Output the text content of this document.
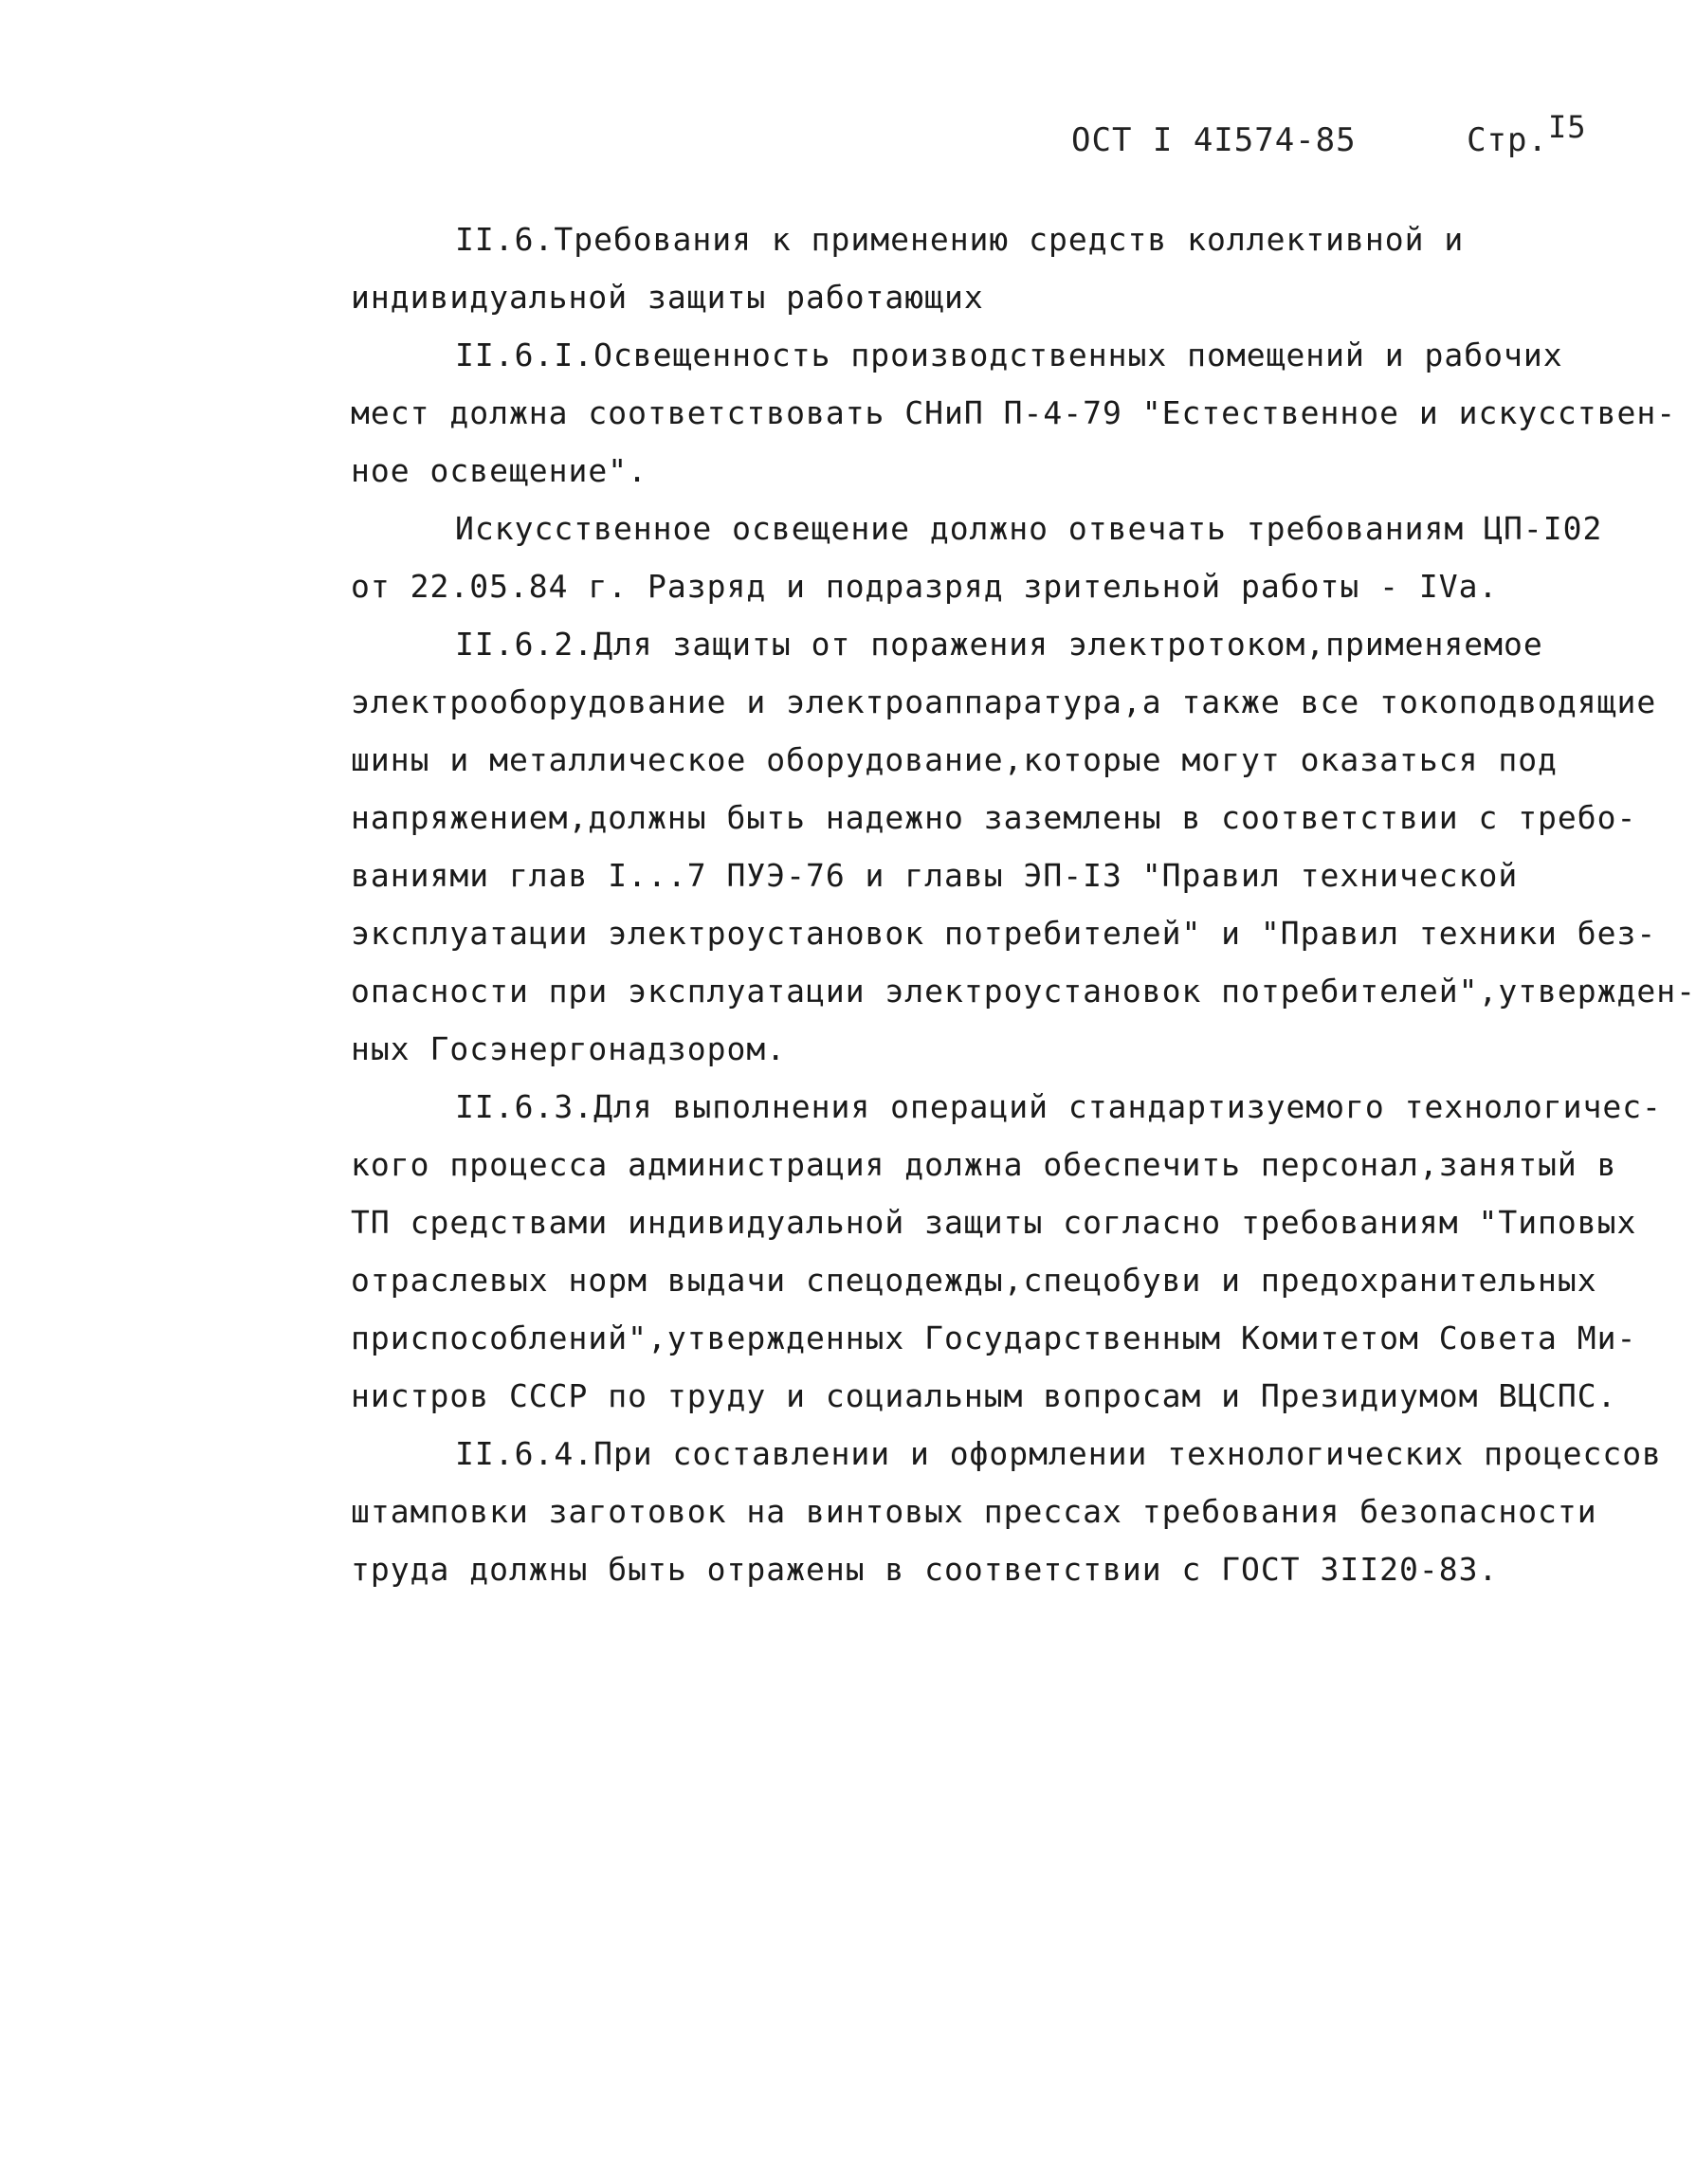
ОСТ I 4I574-85	Стр.I5
II.6.Требования к применению средств коллективной и
индивидуальной защиты работающих
II.6.I.Освещенность производственных помещений и рабочих
мест должна соответствовать СНиП П-4-79 "Естественное и искусствен-
ное освещение".
Искусственное освещение должно отвечать требованиям ЦП-I02
от 22.05.84 г. Разряд и подразряд зрительной работы - IVа.
II.6.2.Для защиты от поражения электротоком,применяемое
электрооборудование и электроаппаратура,а также все токоподводящие
шины и металлическое оборудование,которые могут оказаться под
напряжением,должны быть надежно заземлены в соответствии с требо-
ваниями глав I...7 ПУЭ-76 и главы ЭП-I3 "Правил технической
эксплуатации электроустановок потребителей" и "Правил техники без-
опасности при эксплуатации электроустановок потребителей",утвержден-
ных Госэнергонадзором.
II.6.3.Для выполнения операций стандартизуемого технологичес-
кого процесса администрация должна обеспечить персонал,занятый в
ТП средствами индивидуальной защиты согласно требованиям "Типовых
отраслевых норм выдачи спецодежды,спецобуви и предохранительных
приспособлений",утвержденных Государственным Комитетом Совета Ми-
нистров СССР по труду и социальным вопросам и Президиумом ВЦСПС.
II.6.4.При составлении и оформлении технологических процессов
штамповки заготовок на винтовых прессах требования безопасности
труда должны быть отражены в соответствии с ГОСТ 3II20-83.
